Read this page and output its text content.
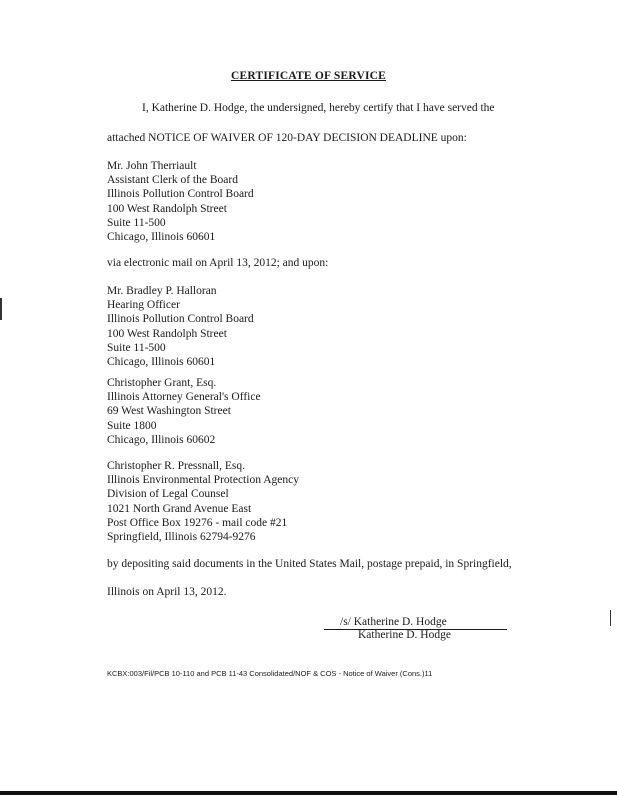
CERTIFICATE OF SERVICE
I, Katherine D. Hodge, the undersigned, hereby certify that I have served the
attached NOTICE OF WAIVER OF 120-DAY DECISION DEADLINE upon:
Mr. John Therriault
Assistant Clerk of the Board
Illinois Pollution Control Board
100 West Randolph Street
Suite 11-500
Chicago, Illinois 60601
via electronic mail on April 13, 2012; and upon:
Mr. Bradley P. Halloran
Hearing Officer
Illinois Pollution Control Board
100 West Randolph Street
Suite 11-500
Chicago, Illinois 60601
Christopher Grant, Esq.
Illinois Attorney General's Office
69 West Washington Street
Suite 1800
Chicago, Illinois 60602
Christopher R. Pressnall, Esq.
Illinois Environmental Protection Agency
Division of Legal Counsel
1021 North Grand Avenue East
Post Office Box 19276 - mail code #21
Springfield, Illinois 62794-9276
by depositing said documents in the United States Mail, postage prepaid, in Springfield,
Illinois on April 13, 2012.
/s/ Katherine D. Hodge
Katherine D. Hodge
KCBX:003/Fil/PCB 10-110 and PCB 11-43 Consolidated/NOF & COS - Notice of Waiver (Cons.)11
